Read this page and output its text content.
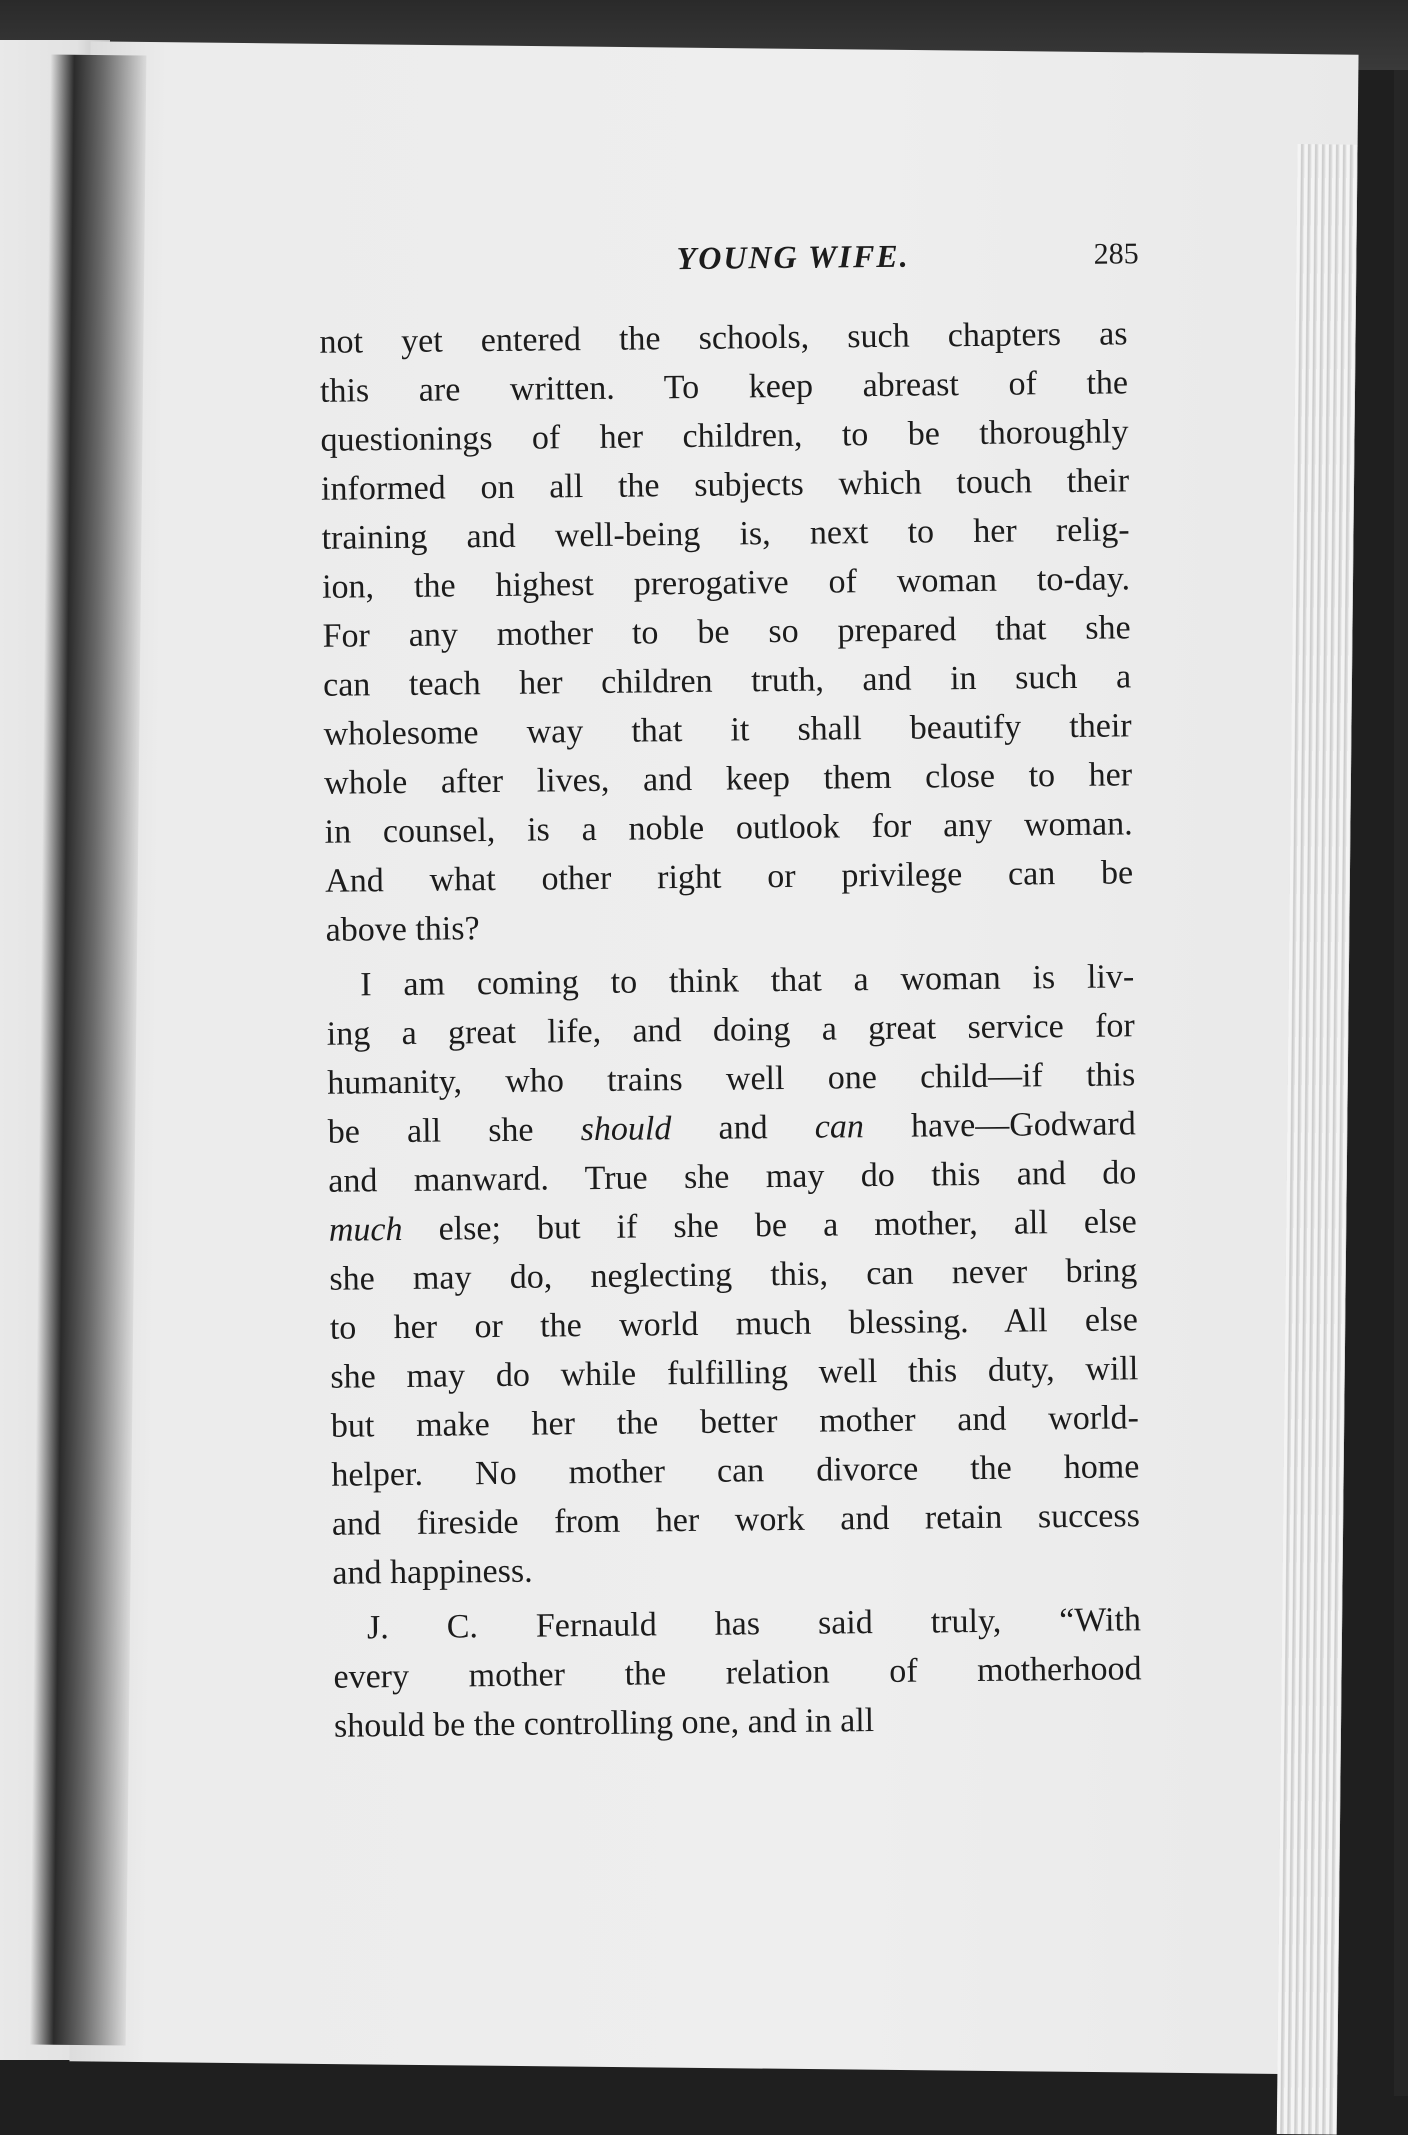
YOUNG WIFE.	285
not yet entered the schools, such chapters as
this are written. To keep abreast of the
questionings of her children, to be thoroughly
informed on all the subjects which touch their
training and well-being is, next to her relig-
ion, the highest prerogative of woman to-day.
For any mother to be so prepared that she
can teach her children truth, and in such a
wholesome way that it shall beautify their
whole after lives, and keep them close to her
in counsel, is a noble outlook for any woman.
And what other right or privilege can be
above this?
I am coming to think that a woman is liv-
ing a great life, and doing a great service for
humanity, who trains well one child—if this
be all she should and can have—Godward
and manward. True she may do this and do
much else; but if she be a mother, all else
she may do, neglecting this, can never bring
to her or the world much blessing. All else
she may do while fulfilling well this duty, will
but make her the better mother and world-
helper. No mother can divorce the home
and fireside from her work and retain success
and happiness.
J. C. Fernauld has said truly, “With
every mother the relation of motherhood
should be the controlling one, and in all
